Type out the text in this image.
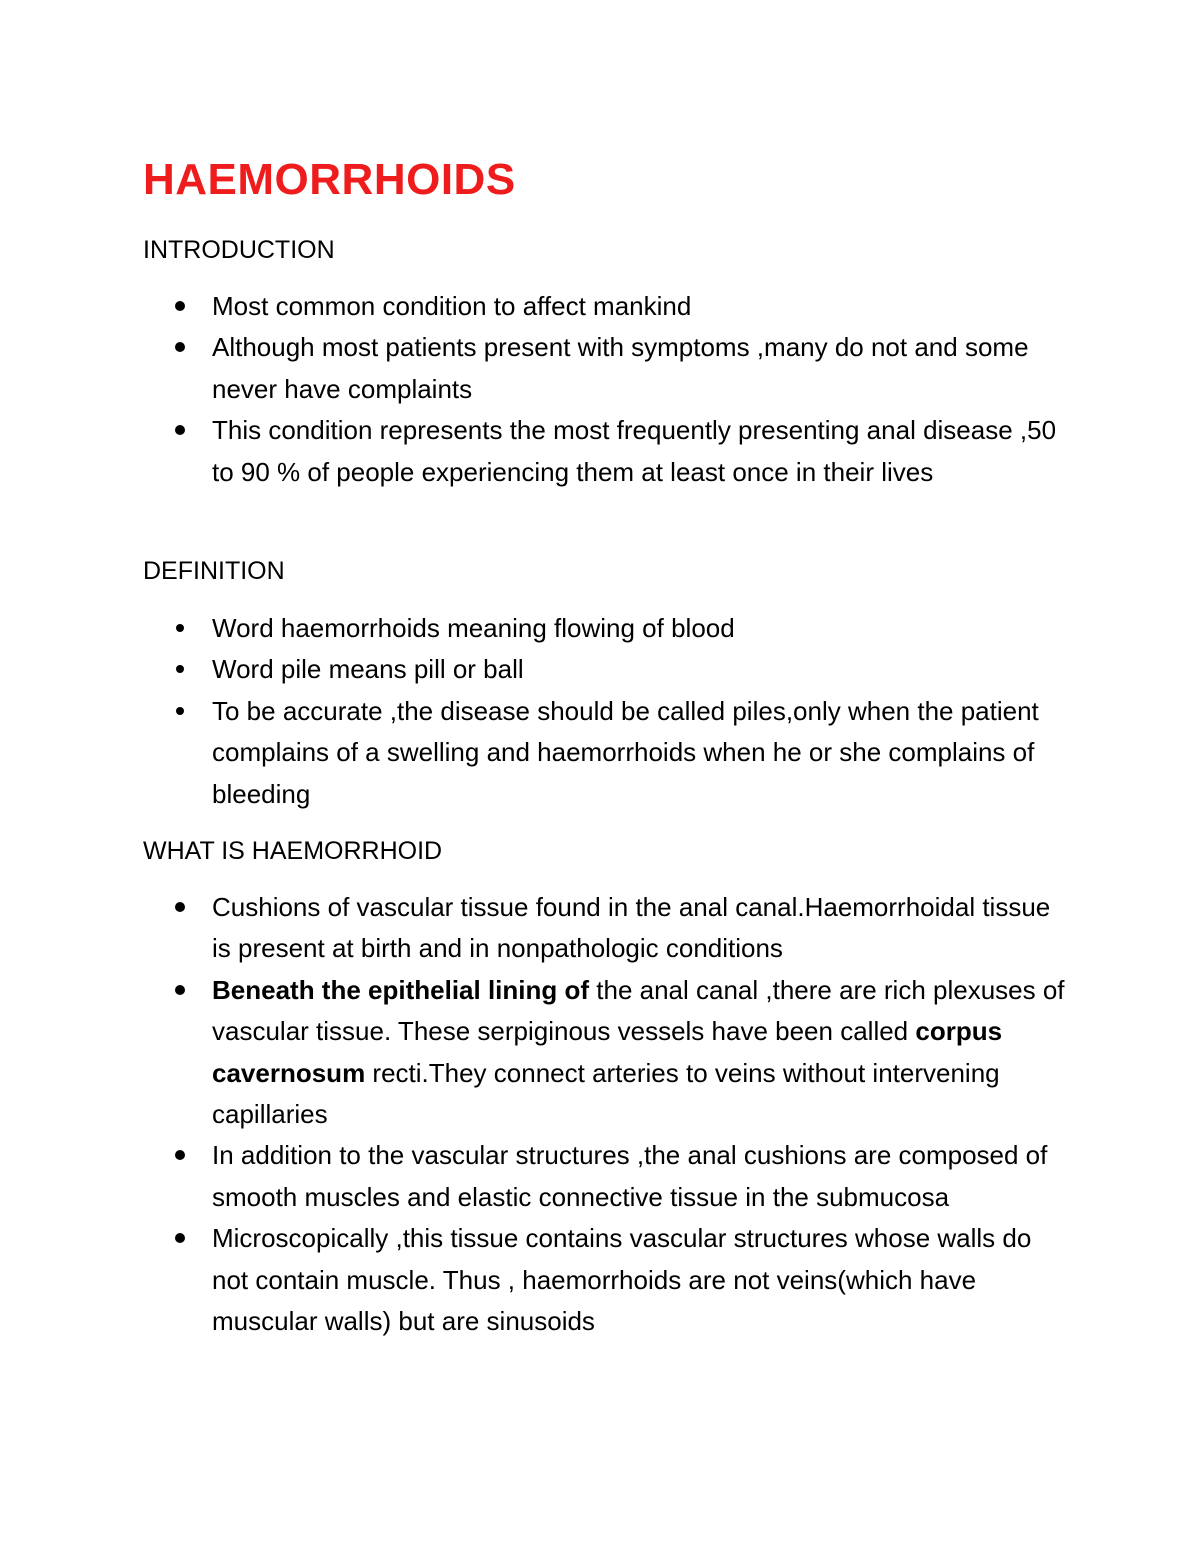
HAEMORRHOIDS
INTRODUCTION
Most common condition to affect mankind
Although most patients present with symptoms ,many do not and some never have complaints
This condition represents the most frequently presenting anal disease ,50 to 90 % of people experiencing them at least once in their lives
DEFINITION
Word haemorrhoids meaning flowing of blood
Word pile means pill or ball
To be accurate ,the disease should be called piles,only when the patient complains of a swelling and haemorrhoids when he or she complains of bleeding
WHAT IS HAEMORRHOID
Cushions of vascular tissue found in the anal canal.Haemorrhoidal tissue is present at birth and in nonpathologic conditions
Beneath the epithelial lining of the anal canal ,there are rich plexuses of vascular tissue. These serpiginous vessels have been called corpus cavernosum recti.They connect arteries to veins without intervening capillaries
In addition to the vascular structures ,the anal cushions are composed of smooth muscles and elastic connective tissue in the submucosa
Microscopically ,this tissue contains vascular structures whose walls do not contain muscle. Thus , haemorrhoids are not veins(which have muscular walls) but are sinusoids
